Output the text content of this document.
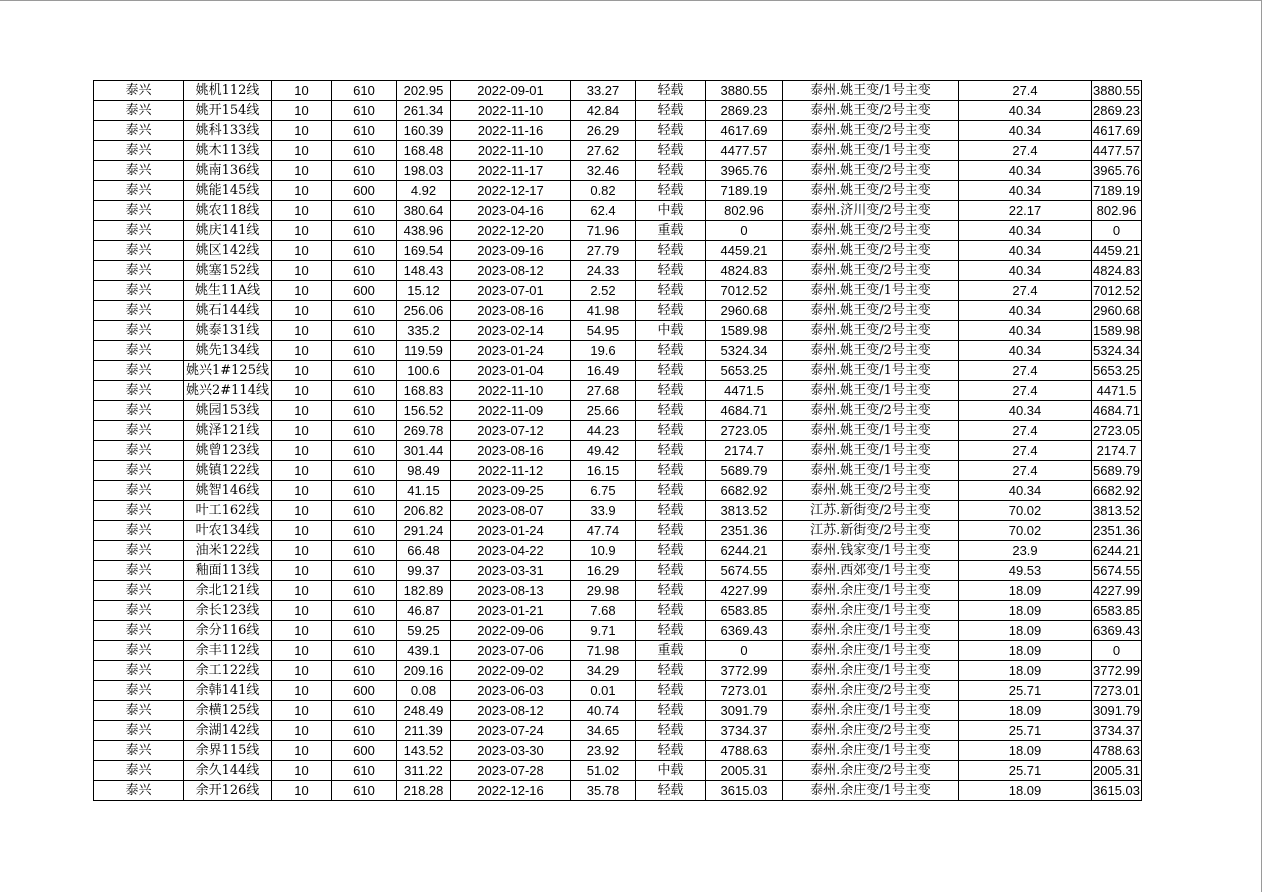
泰兴	姚机112线	10	610	202.95	2022-09-01	33.27	轻载	3880.55	泰州.姚王变/1号主变	27.4	3880.55
泰兴	姚开154线	10	610	261.34	2022-11-10	42.84	轻载	2869.23	泰州.姚王变/2号主变	40.34	2869.23
泰兴	姚科133线	10	610	160.39	2022-11-16	26.29	轻载	4617.69	泰州.姚王变/2号主变	40.34	4617.69
泰兴	姚木113线	10	610	168.48	2022-11-10	27.62	轻载	4477.57	泰州.姚王变/1号主变	27.4	4477.57
泰兴	姚南136线	10	610	198.03	2022-11-17	32.46	轻载	3965.76	泰州.姚王变/2号主变	40.34	3965.76
泰兴	姚能145线	10	600	4.92	2022-12-17	0.82	轻载	7189.19	泰州.姚王变/2号主变	40.34	7189.19
泰兴	姚农118线	10	610	380.64	2023-04-16	62.4	中载	802.96	泰州.济川变/2号主变	22.17	802.96
泰兴	姚庆141线	10	610	438.96	2022-12-20	71.96	重载	0	泰州.姚王变/2号主变	40.34	0
泰兴	姚区142线	10	610	169.54	2023-09-16	27.79	轻载	4459.21	泰州.姚王变/2号主变	40.34	4459.21
泰兴	姚塞152线	10	610	148.43	2023-08-12	24.33	轻载	4824.83	泰州.姚王变/2号主变	40.34	4824.83
泰兴	姚生11A线	10	600	15.12	2023-07-01	2.52	轻载	7012.52	泰州.姚王变/1号主变	27.4	7012.52
泰兴	姚石144线	10	610	256.06	2023-08-16	41.98	轻载	2960.68	泰州.姚王变/2号主变	40.34	2960.68
泰兴	姚泰131线	10	610	335.2	2023-02-14	54.95	中载	1589.98	泰州.姚王变/2号主变	40.34	1589.98
泰兴	姚先134线	10	610	119.59	2023-01-24	19.6	轻载	5324.34	泰州.姚王变/2号主变	40.34	5324.34
泰兴	姚兴1#125线	10	610	100.6	2023-01-04	16.49	轻载	5653.25	泰州.姚王变/1号主变	27.4	5653.25
泰兴	姚兴2#114线	10	610	168.83	2022-11-10	27.68	轻载	4471.5	泰州.姚王变/1号主变	27.4	4471.5
泰兴	姚园153线	10	610	156.52	2022-11-09	25.66	轻载	4684.71	泰州.姚王变/2号主变	40.34	4684.71
泰兴	姚泽121线	10	610	269.78	2023-07-12	44.23	轻载	2723.05	泰州.姚王变/1号主变	27.4	2723.05
泰兴	姚曾123线	10	610	301.44	2023-08-16	49.42	轻载	2174.7	泰州.姚王变/1号主变	27.4	2174.7
泰兴	姚镇122线	10	610	98.49	2022-11-12	16.15	轻载	5689.79	泰州.姚王变/1号主变	27.4	5689.79
泰兴	姚智146线	10	610	41.15	2023-09-25	6.75	轻载	6682.92	泰州.姚王变/2号主变	40.34	6682.92
泰兴	叶工162线	10	610	206.82	2023-08-07	33.9	轻载	3813.52	江苏.新街变/2号主变	70.02	3813.52
泰兴	叶农134线	10	610	291.24	2023-01-24	47.74	轻载	2351.36	江苏.新街变/2号主变	70.02	2351.36
泰兴	油米122线	10	610	66.48	2023-04-22	10.9	轻载	6244.21	泰州.钱家变/1号主变	23.9	6244.21
泰兴	釉面113线	10	610	99.37	2023-03-31	16.29	轻载	5674.55	泰州.西郊变/1号主变	49.53	5674.55
泰兴	余北121线	10	610	182.89	2023-08-13	29.98	轻载	4227.99	泰州.余庄变/1号主变	18.09	4227.99
泰兴	余长123线	10	610	46.87	2023-01-21	7.68	轻载	6583.85	泰州.余庄变/1号主变	18.09	6583.85
泰兴	余分116线	10	610	59.25	2022-09-06	9.71	轻载	6369.43	泰州.余庄变/1号主变	18.09	6369.43
泰兴	余丰112线	10	610	439.1	2023-07-06	71.98	重载	0	泰州.余庄变/1号主变	18.09	0
泰兴	余工122线	10	610	209.16	2022-09-02	34.29	轻载	3772.99	泰州.余庄变/1号主变	18.09	3772.99
泰兴	余韩141线	10	600	0.08	2023-06-03	0.01	轻载	7273.01	泰州.余庄变/2号主变	25.71	7273.01
泰兴	余横125线	10	610	248.49	2023-08-12	40.74	轻载	3091.79	泰州.余庄变/1号主变	18.09	3091.79
泰兴	余湖142线	10	610	211.39	2023-07-24	34.65	轻载	3734.37	泰州.余庄变/2号主变	25.71	3734.37
泰兴	余界115线	10	600	143.52	2023-03-30	23.92	轻载	4788.63	泰州.余庄变/1号主变	18.09	4788.63
泰兴	余久144线	10	610	311.22	2023-07-28	51.02	中载	2005.31	泰州.余庄变/2号主变	25.71	2005.31
泰兴	余开126线	10	610	218.28	2022-12-16	35.78	轻载	3615.03	泰州.余庄变/1号主变	18.09	3615.03
